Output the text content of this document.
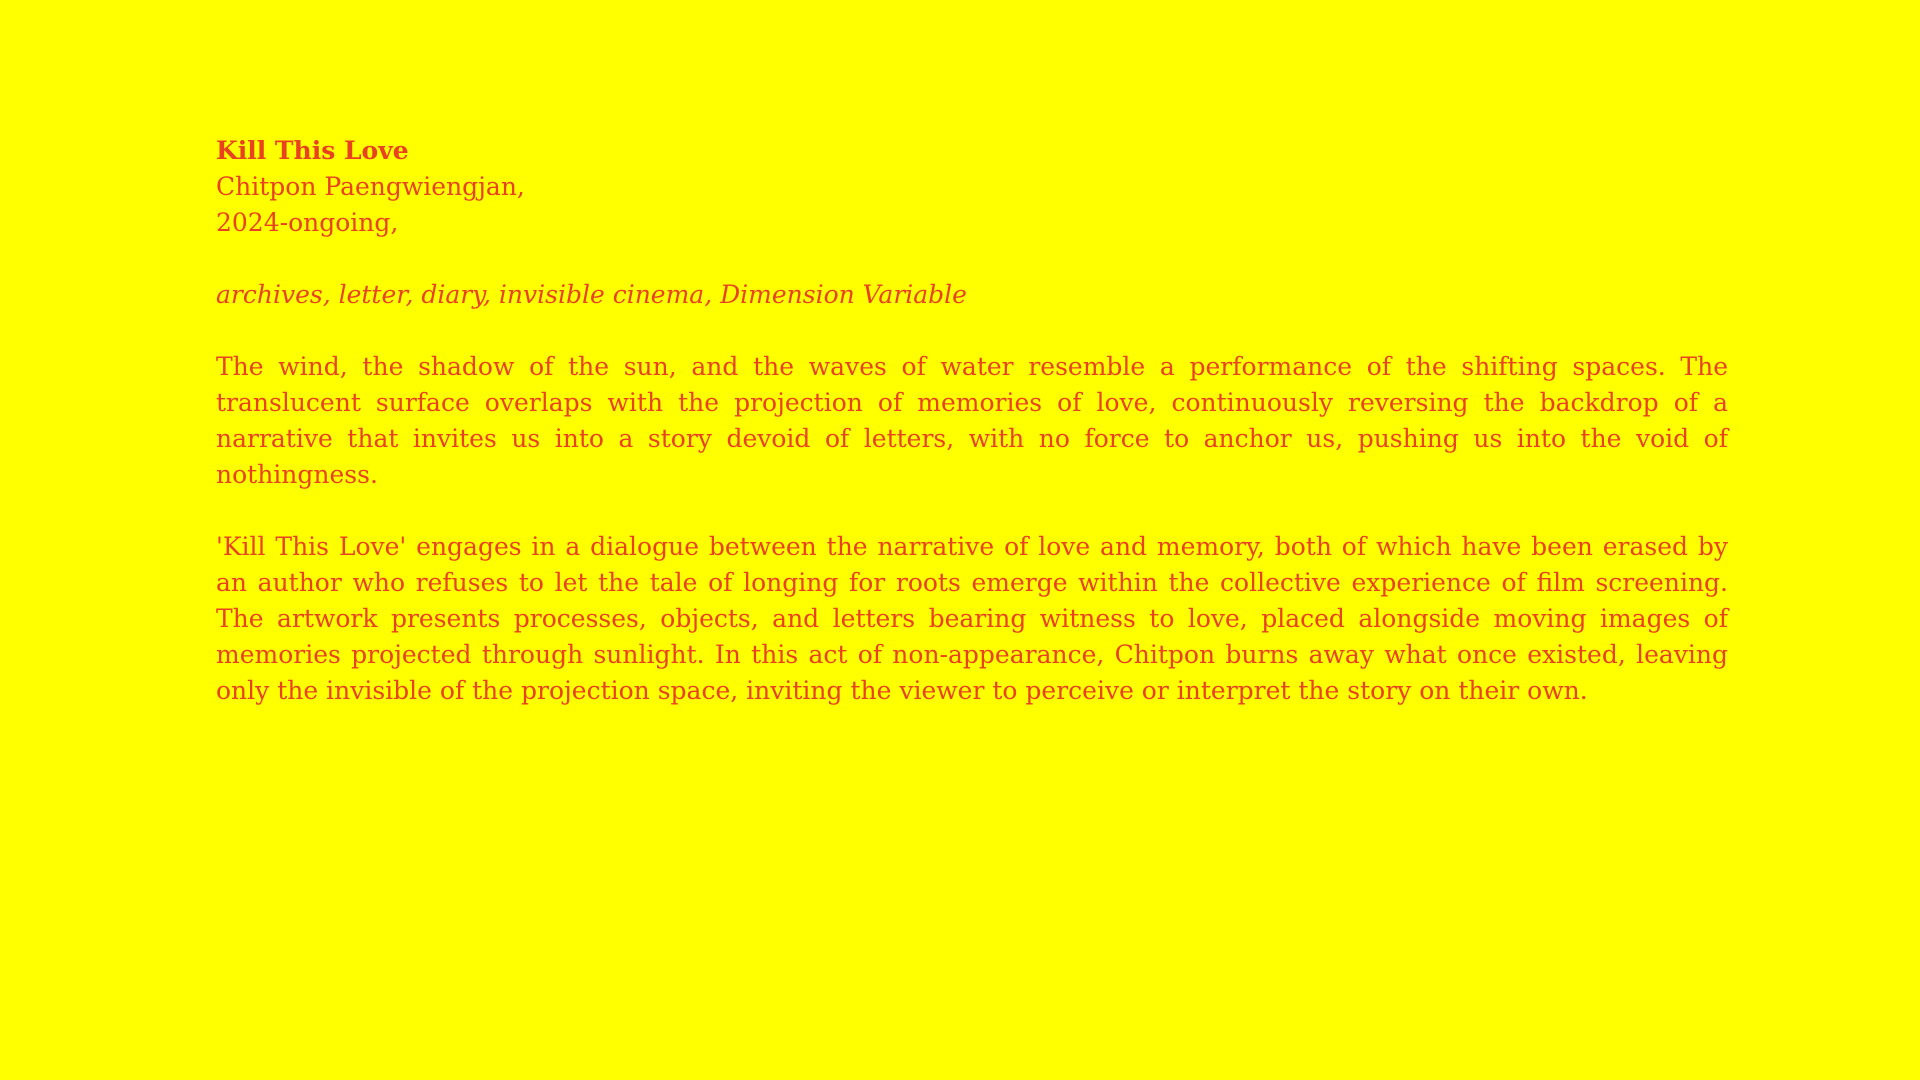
Kill This Love

Chitpon Paengwiengjan,

2024-ongoing,

archives, letter, diary, invisible cinema, Dimension Variable

The wind, the shadow of the sun, and the waves of water resemble a performance of the shifting spaces. The translucent surface overlaps with the projection of memories of love, continuously reversing the backdrop of a narrative that invites us into a story devoid of letters, with no force to anchor us, pushing us into the void of nothingness.

'Kill This Love' engages in a dialogue between the narrative of love and memory, both of which have been erased by an author who refuses to let the tale of longing for roots emerge within the collective experience of film screening. The artwork presents processes, objects, and letters bearing witness to love, placed alongside moving images of memories projected through sunlight. In this act of non-appearance, Chitpon burns away what once existed, leaving only the invisible of the projection space, inviting the viewer to perceive or interpret the story on their own.
